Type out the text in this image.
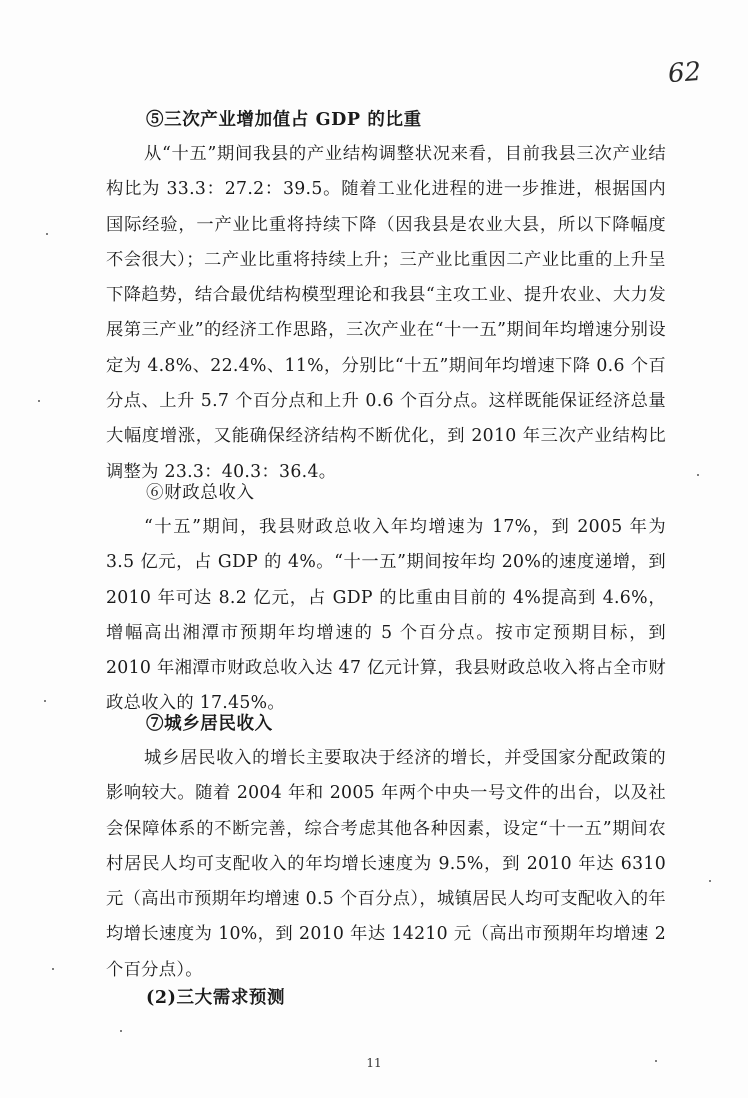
62
⑤三次产业增加值占 GDP 的比重

从“十五”期间我县的产业结构调整状况来看，目前我县三次产业结构比为 33.3：27.2：39.5。随着工业化进程的进一步推进，根据国内国际经验，一产业比重将持续下降（因我县是农业大县，所以下降幅度不会很大）；二产业比重将持续上升；三产业比重因二产业比重的上升呈下降趋势，结合最优结构模型理论和我县“主攻工业、提升农业、大力发展第三产业”的经济工作思路，三次产业在“十一五”期间年均增速分别设定为 4.8%、22.4%、11%，分别比“十五”期间年均增速下降 0.6 个百分点、上升 5.7 个百分点和上升 0.6 个百分点。这样既能保证经济总量大幅度增涨，又能确保经济结构不断优化，到 2010 年三次产业结构比调整为 23.3：40.3：36.4。

⑥财政总收入

“十五”期间，我县财政总收入年均增速为 17%，到 2005 年为 3.5 亿元，占 GDP 的 4%。“十一五”期间按年均 20%的速度递增，到 2010 年可达 8.2 亿元，占 GDP 的比重由目前的 4%提高到 4.6%，增幅高出湘潭市预期年均增速的 5 个百分点。按市定预期目标，到 2010 年湘潭市财政总收入达 47 亿元计算，我县财政总收入将占全市财政总收入的 17.45%。

⑦城乡居民收入

城乡居民收入的增长主要取决于经济的增长，并受国家分配政策的影响较大。随着 2004 年和 2005 年两个中央一号文件的出台，以及社会保障体系的不断完善，综合考虑其他各种因素，设定“十一五”期间农村居民人均可支配收入的年均增长速度为 9.5%，到 2010 年达 6310 元（高出市预期年均增速 0.5 个百分点），城镇居民人均可支配收入的年均增长速度为 10%，到 2010 年达 14210 元（高出市预期年均增速 2 个百分点）。

(2)三大需求预测
11
